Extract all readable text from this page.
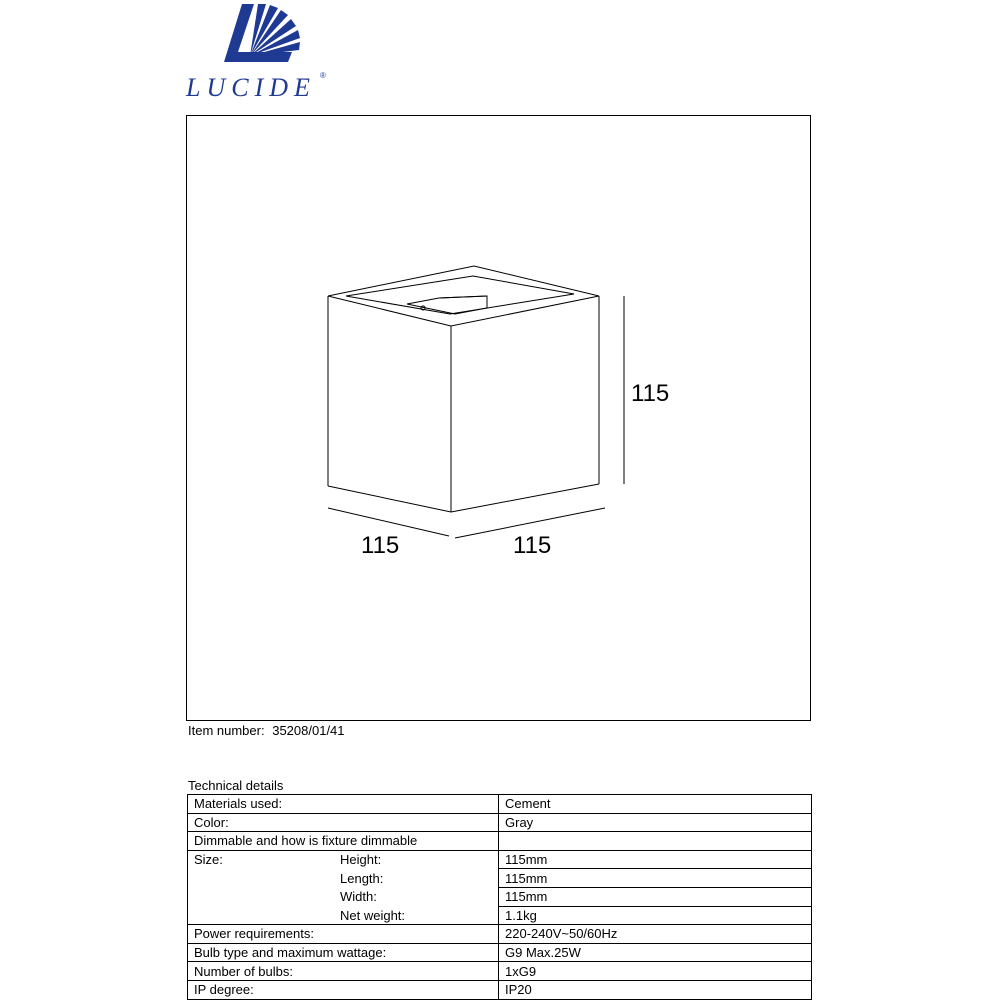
LUCIDE ®
115
115	115
Item number: 35208/01/41
Technical details
Materials used:	Cement
Color:	Gray
Dimmable and how is fixture dimmable	
Size: Height:	115mm
Length:	115mm
Width:	115mm
Net weight:	1.1kg
Power requirements:	220-240V~50/60Hz
Bulb type and maximum wattage:	G9 Max.25W
Number of bulbs:	1xG9
IP degree:	IP20
